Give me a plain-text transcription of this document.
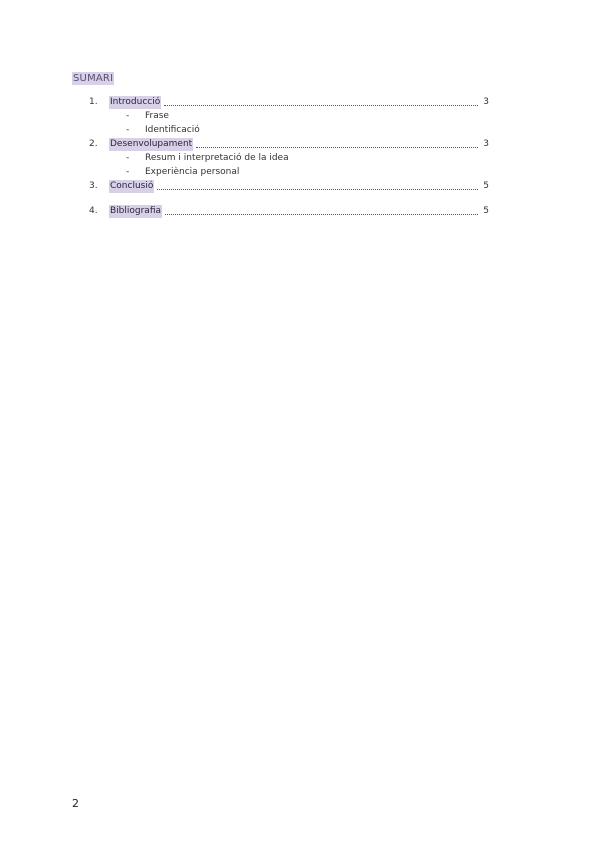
SUMARI
1.	Introducció	3
-	Frase
-	Identificació
2.	Desenvolupament	3
-	Resum i interpretació de la idea
-	Experiència personal
3.	Conclusió	5
4.	Bibliografia	5
2
